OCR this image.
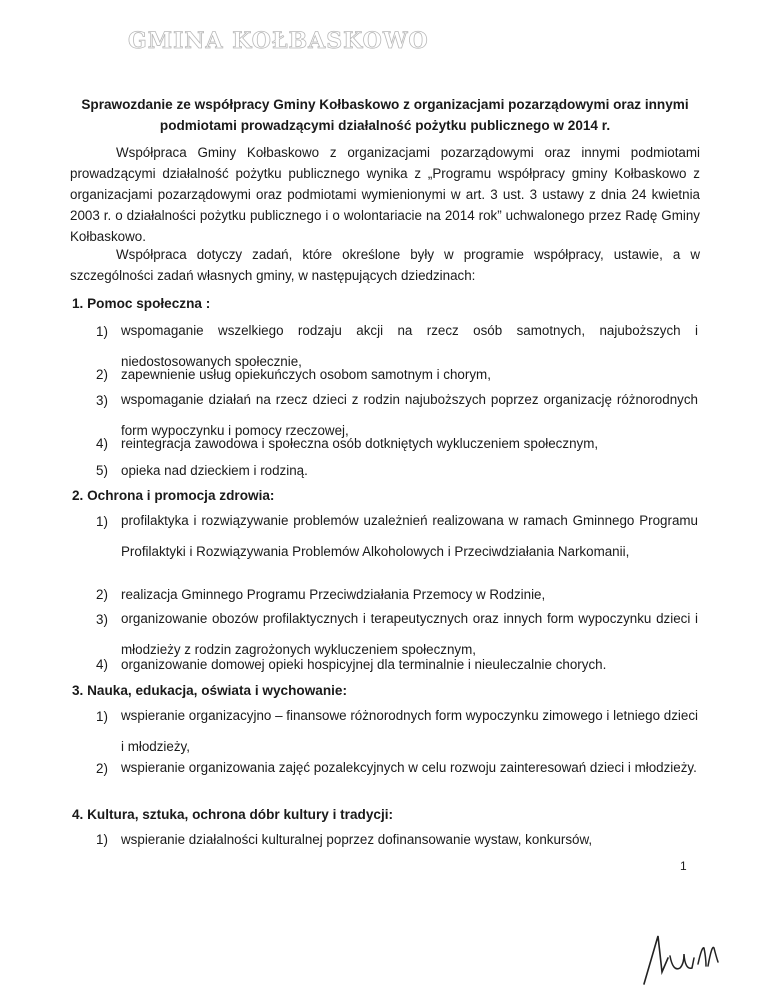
GMINA KOŁBASKOWO
Sprawozdanie ze współpracy Gminy Kołbaskowo z organizacjami pozarządowymi oraz innymi
podmiotami prowadzącymi działalność pożytku publicznego w 2014 r.
Współpraca Gminy Kołbaskowo z organizacjami pozarządowymi oraz innymi podmiotami prowadzącymi działalność pożytku publicznego wynika z „Programu współpracy gminy Kołbaskowo z organizacjami pozarządowymi oraz podmiotami wymienionymi w art. 3 ust. 3 ustawy z dnia 24 kwietnia 2003 r. o działalności pożytku publicznego i o wolontariacie na 2014 rok” uchwalonego przez Radę Gminy Kołbaskowo.
Współpraca dotyczy zadań, które określone były w programie współpracy, ustawie, a w szczególności zadań własnych gminy, w następujących dziedzinach:
1. Pomoc społeczna :
1) wspomaganie wszelkiego rodzaju akcji na rzecz osób samotnych, najuboższych i niedostosowanych społecznie,
2) zapewnienie usług opiekuńczych osobom samotnym i chorym,
3) wspomaganie działań na rzecz dzieci z rodzin najuboższych poprzez organizację różnorodnych form wypoczynku i pomocy rzeczowej,
4) reintegracja zawodowa i społeczna osób dotkniętych wykluczeniem społecznym,
5) opieka nad dzieckiem i rodziną.
2. Ochrona i promocja zdrowia:
1) profilaktyka i rozwiązywanie problemów uzależnień realizowana w ramach Gminnego Programu Profilaktyki i Rozwiązywania Problemów Alkoholowych i Przeciwdziałania Narkomanii,
2) realizacja Gminnego Programu Przeciwdziałania Przemocy w Rodzinie,
3) organizowanie obozów profilaktycznych i terapeutycznych oraz innych form wypoczynku dzieci i młodzieży z rodzin zagrożonych wykluczeniem społecznym,
4) organizowanie domowej opieki hospicyjnej dla terminalnie i nieuleczalnie chorych.
3. Nauka, edukacja, oświata i wychowanie:
1) wspieranie organizacyjno – finansowe różnorodnych form wypoczynku zimowego i letniego dzieci i młodzieży,
2) wspieranie organizowania zajęć pozalekcyjnych w celu rozwoju zainteresowań dzieci i młodzieży.
4. Kultura, sztuka, ochrona dóbr kultury i tradycji:
1) wspieranie działalności kulturalnej poprzez dofinansowanie wystaw, konkursów,
1
